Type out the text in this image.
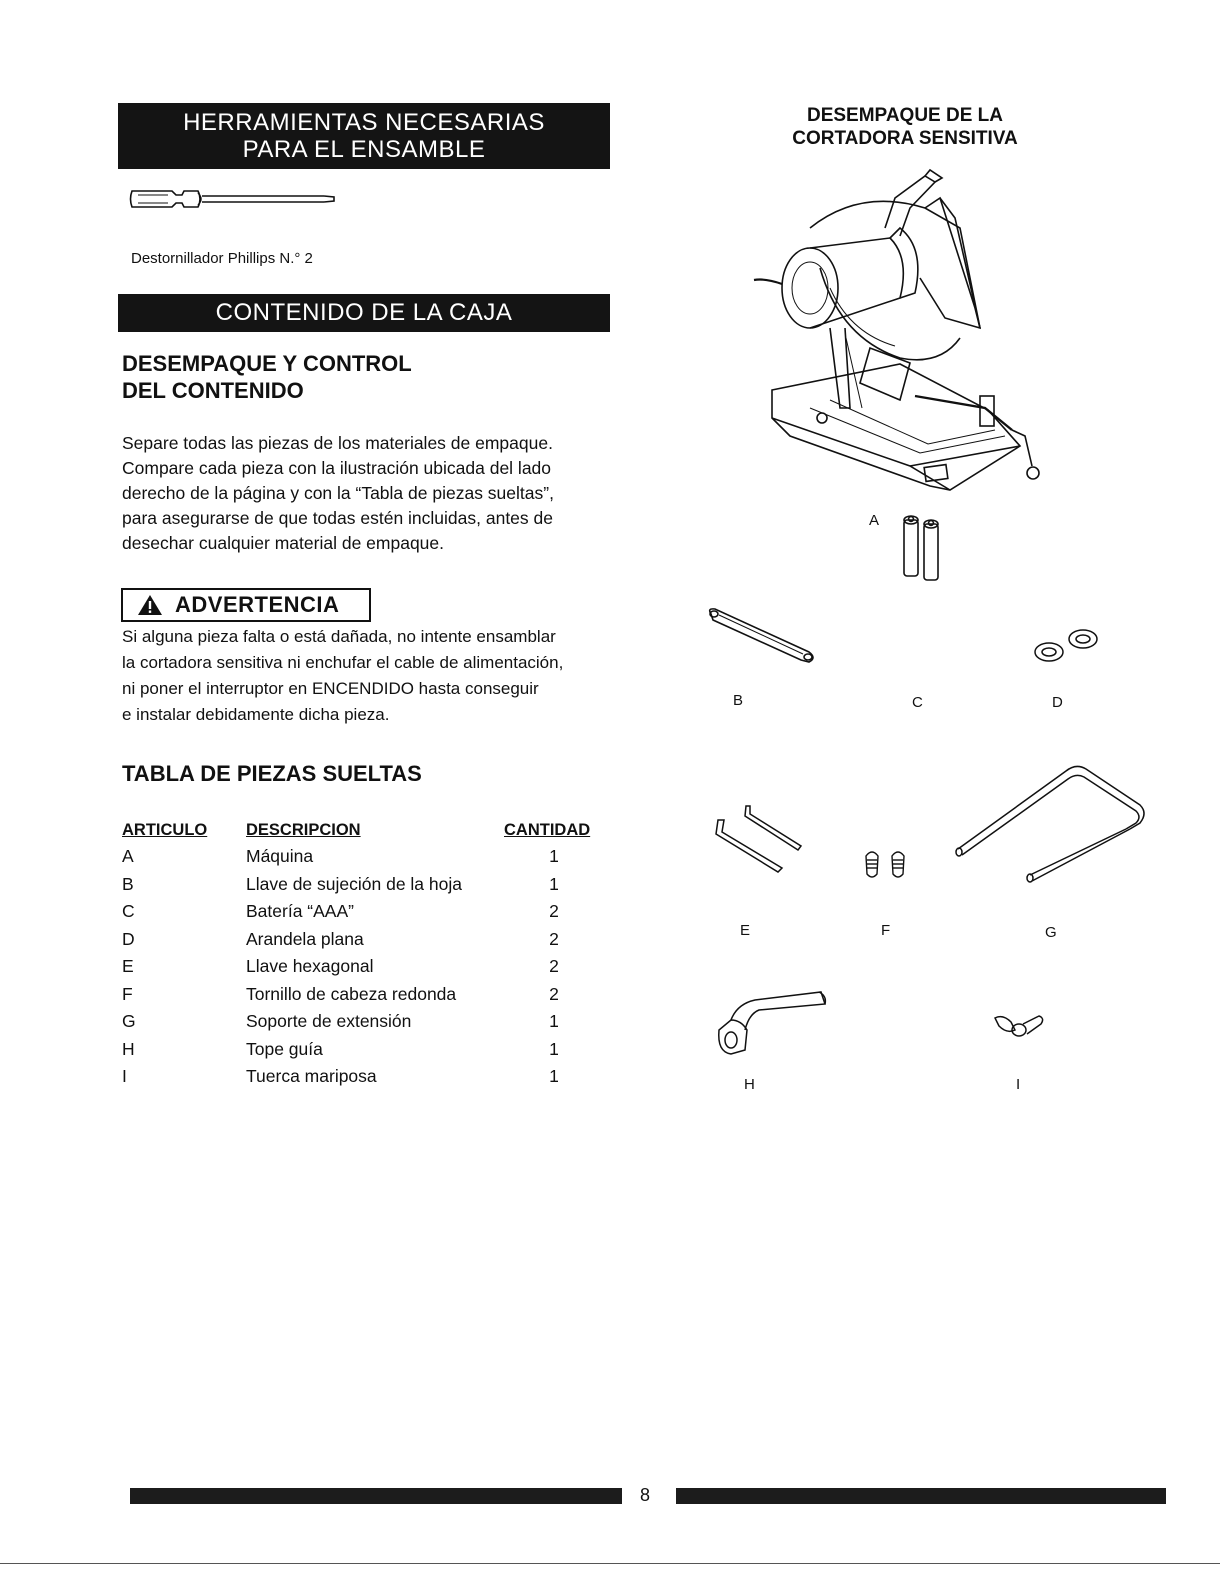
HERRAMIENTAS NECESARIAS
PARA EL ENSAMBLE
Destornillador Phillips N.° 2
CONTENIDO DE LA CAJA
DESEMPAQUE Y CONTROL
DEL CONTENIDO
Separe todas las piezas de los materiales de empaque.
Compare cada pieza con la ilustración ubicada del lado
derecho de la página y con la “Tabla de piezas sueltas”,
para asegurarse de que todas estén incluidas, antes de
desechar cualquier material de empaque.
ADVERTENCIA
Si alguna pieza falta o está dañada, no intente ensamblar
la cortadora sensitiva ni enchufar el cable de alimentación,
ni poner el interruptor en ENCENDIDO hasta conseguir
e instalar debidamente dicha pieza.
TABLA DE PIEZAS SUELTAS
ARTICULO	DESCRIPCION	CANTIDAD
A	Máquina	1
B	Llave de sujeción de la hoja	1
C	Batería “AAA”	2
D	Arandela plana	2
E	Llave hexagonal	2
F	Tornillo de cabeza redonda	2
G	Soporte de extensión	1
H	Tope guía	1
I	Tuerca mariposa	1
DESEMPAQUE DE LA
CORTADORA SENSITIVA
A
B	C	D
E	F	G
H	I
8
